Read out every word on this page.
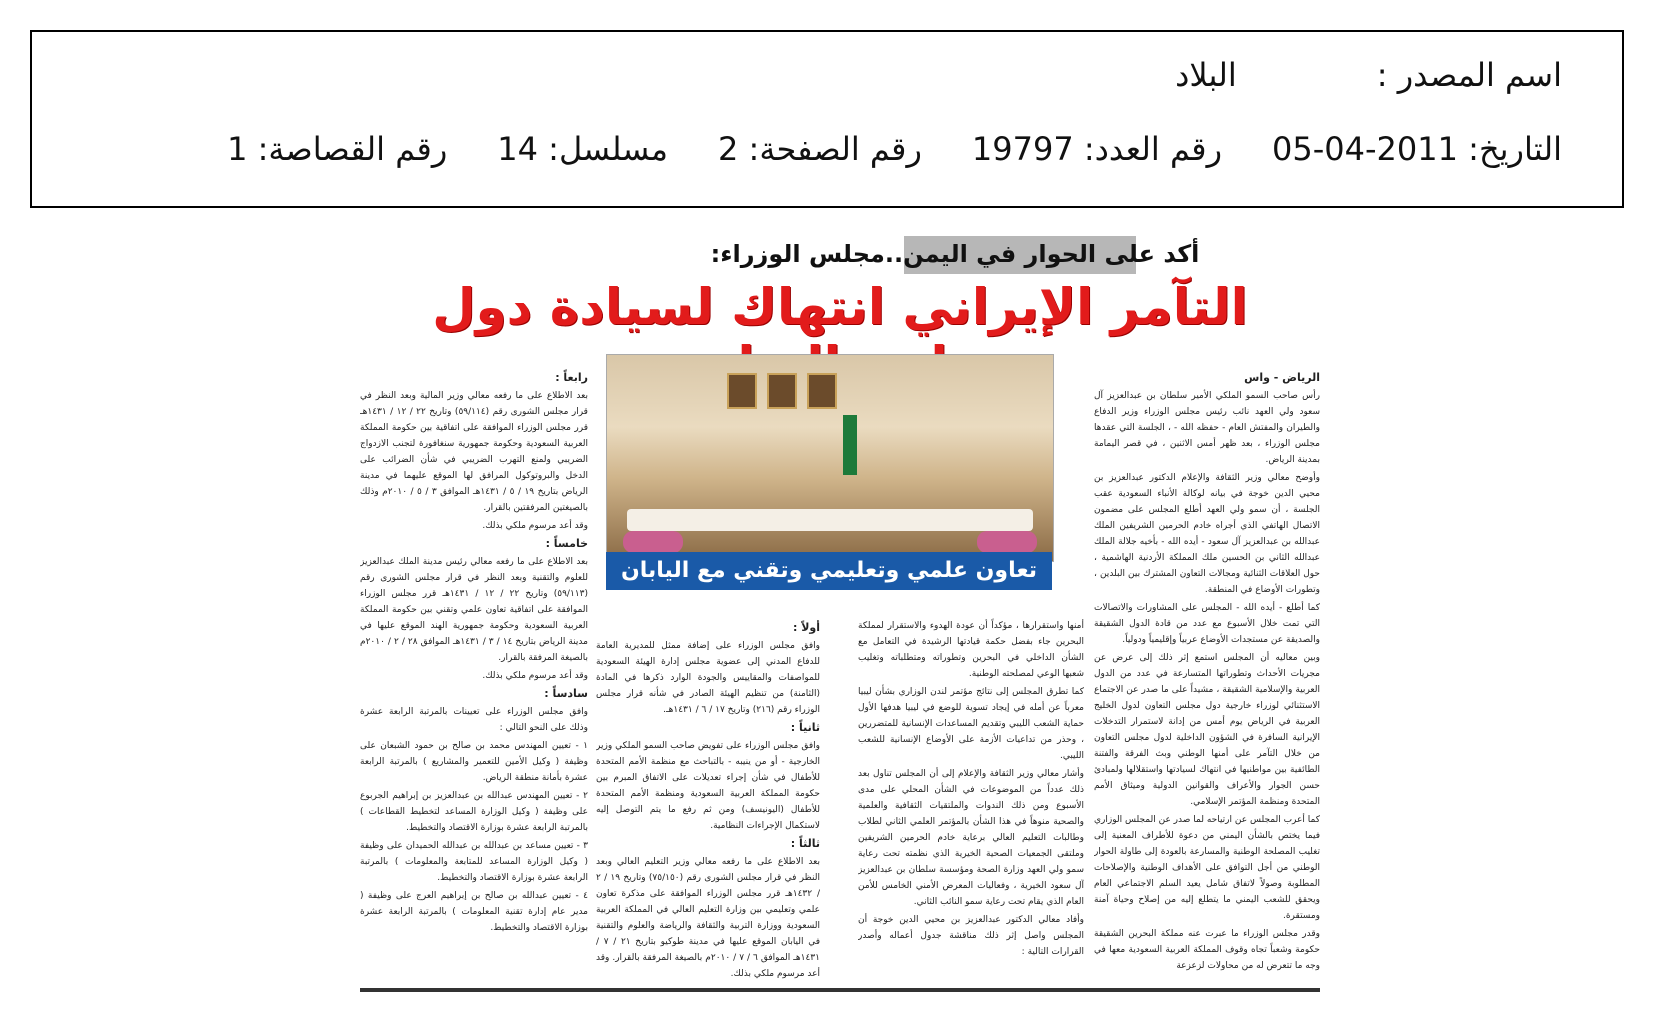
اسم المصدر :البلاد
التاريخ: 2011-04-05رقم العدد: 19797رقم الصفحة: 2مسلسل: 14رقم القصاصة: 1
أكد على الحوار في اليمن..مجلس الوزراء:
التآمر الإيراني انتهاك لسيادة دول

الرياض - واس

رأس صاحب السمو الملكي الأمير سلطان بن عبدالعزيز آل سعود ولي العهد نائب رئيس مجلس الوزراء وزير الدفاع والطيران والمفتش العام - حفظه الله - ، الجلسة التي عقدها مجلس الوزراء ، بعد ظهر أمس الاثنين ، في قصر اليمامة بمدينة الرياض.

وأوضح معالي وزير الثقافة والإعلام الدكتور عبدالعزيز بن محيي الدين خوجة في بيانه لوكالة الأنباء السعودية عقب الجلسة ، أن سمو ولي العهد أطلع المجلس على مضمون الاتصال الهاتفي الذي أجراه خادم الحرمين الشريفين الملك عبدالله بن عبدالعزيز آل سعود - أيده الله - بأخيه جلالة الملك عبدالله الثاني بن الحسين ملك المملكة الأردنية الهاشمية ، حول العلاقات الثنائية ومجالات التعاون المشترك بين البلدين ، وتطورات الأوضاع في المنطقة.

كما أطلع - أيده الله - المجلس على المشاورات والاتصالات التي تمت خلال الأسبوع مع عدد من قادة الدول الشقيقة والصديقة عن مستجدات الأوضاع عربياً وإقليمياً ودولياً.

وبين معاليه أن المجلس استمع إثر ذلك إلى عرض عن مجريات الأحداث وتطوراتها المتسارعة في عدد من الدول العربية والإسلامية الشقيقة ، مشيداً على ما صدر عن الاجتماع الاستثنائي لوزراء خارجية دول مجلس التعاون لدول الخليج العربية في الرياض يوم أمس من إدانة لاستمرار التدخلات الإيرانية السافرة في الشؤون الداخلية لدول مجلس التعاون من خلال التآمر على أمنها الوطني وبث الفرقة والفتنة الطائفية بين مواطنيها في انتهاك لسيادتها واستقلالها ولمبادئ حسن الجوار والأعراف والقوانين الدولية وميثاق الأمم المتحدة ومنظمة المؤتمر الإسلامي.

كما أعرب المجلس عن ارتياحه لما صدر عن المجلس الوزاري فيما يختص بالشأن اليمني من دعوة للأطراف المعنية إلى تغليب المصلحة الوطنية والمسارعة بالعودة إلى طاولة الحوار الوطني من أجل التوافق على الأهداف الوطنية والإصلاحات المطلوبة وصولاً لاتفاق شامل يعيد السلم الاجتماعي العام ويحقق للشعب اليمني ما يتطلع إليه من إصلاح وحياة آمنة ومستقرة.

وقدر مجلس الوزراء ما عبرت عنه مملكة البحرين الشقيقة حكومة وشعباً تجاه وقوف المملكة العربية السعودية معها في وجه ما تتعرض له من محاولات لزعزعة

تعاون علمي وتعليمي وتقني مع اليابان والهند

أمنها واستقرارها ، مؤكداً أن عودة الهدوء والاستقرار لمملكة البحرين جاء بفضل حكمة قيادتها الرشيدة في التعامل مع الشأن الداخلي في البحرين وتطوراته ومتطلباته وتغليب شعبها الوعي لمصلحته الوطنية.

كما تطرق المجلس إلى نتائج مؤتمر لندن الوزاري بشأن ليبيا معرباً عن أمله في إيجاد تسوية للوضع في ليبيا هدفها الأول حماية الشعب الليبي وتقديم المساعدات الإنسانية للمتضررين ، وحذر من تداعيات الأزمة على الأوضاع الإنسانية للشعب الليبي.

وأشار معالي وزير الثقافة والإعلام إلى أن المجلس تناول بعد ذلك عدداً من الموضوعات في الشأن المحلي على مدى الأسبوع ومن ذلك الندوات والملتقيات الثقافية والعلمية والصحية منوهاً في هذا الشأن بالمؤتمر العلمي الثاني لطلاب وطالبات التعليم العالي برعاية خادم الحرمين الشريفين وملتقى الجمعيات الصحية الخيرية الذي نظمته تحت رعاية سمو ولي العهد وزارة الصحة ومؤسسة سلطان بن عبدالعزيز آل سعود الخيرية ، وفعاليات المعرض الأمني الخامس للأمن العام الذي يقام تحت رعاية سمو النائب الثاني.

وأفاد معالي الدكتور عبدالعزيز بن محيي الدين خوجة أن المجلس واصل إثر ذلك مناقشة جدول أعماله وأصدر القرارات التالية :

أولاً :

وافق مجلس الوزراء على إضافة ممثل للمديرية العامة للدفاع المدني إلى عضوية مجلس إدارة الهيئة السعودية للمواصفات والمقاييس والجودة الوارد ذكرها في المادة (الثامنة) من تنظيم الهيئة الصادر في شأنه قرار مجلس الوزراء رقم (٢١٦) وتاريخ ١٧ / ٦ / ١٤٣١هـ.

ثانياً :

وافق مجلس الوزراء على تفويض صاحب السمو الملكي وزير الخارجية - أو من ينيبه - بالتباحث مع منظمة الأمم المتحدة للأطفال في شأن إجراء تعديلات على الاتفاق المبرم بين حكومة المملكة العربية السعودية ومنظمة الأمم المتحدة للأطفال (اليونيسف) ومن ثم رفع ما يتم التوصل إليه لاستكمال الإجراءات النظامية.

ثالثاً :

بعد الاطلاع على ما رفعه معالي وزير التعليم العالي وبعد النظر في قرار مجلس الشورى رقم (٧٥/١٥٠) وتاريخ ١٩ / ٢ / ١٤٣٢هـ قرر مجلس الوزراء الموافقة على مذكرة تعاون علمي وتعليمي بين وزارة التعليم العالي في المملكة العربية السعودية ووزارة التربية والثقافة والرياضة والعلوم والتقنية في اليابان الموقع عليها في مدينة طوكيو بتاريخ ٢١ / ٧ / ١٤٣١هـ الموافق ٦ / ٧ / ٢٠١٠م بالصيغة المرفقة بالقرار. وقد أعد مرسوم ملكي بذلك.

رابعاً :

بعد الاطلاع على ما رفعه معالي وزير المالية وبعد النظر في قرار مجلس الشورى رقم (٥٩/١١٤) وتاريخ ٢٢ / ١٢ / ١٤٣١هـ قرر مجلس الوزراء الموافقة على اتفاقية بين حكومة المملكة العربية السعودية وحكومة جمهورية سنغافورة لتجنب الازدواج الضريبي ولمنع التهرب الضريبي في شأن الضرائب على الدخل والبروتوكول المرافق لها الموقع عليهما في مدينة الرياض بتاريخ ١٩ / ٥ / ١٤٣١هـ الموافق ٣ / ٥ / ٢٠١٠م وذلك بالصيغتين المرفقتين بالقرار.

وقد أعد مرسوم ملكي بذلك.

خامساً :

بعد الاطلاع على ما رفعه معالي رئيس مدينة الملك عبدالعزيز للعلوم والتقنية وبعد النظر في قرار مجلس الشورى رقم (٥٩/١١٣) وتاريخ ٢٢ / ١٢ / ١٤٣١هـ قرر مجلس الوزراء الموافقة على اتفاقية تعاون علمي وتقني بين حكومة المملكة العربية السعودية وحكومة جمهورية الهند الموقع عليها في مدينة الرياض بتاريخ ١٤ / ٣ / ١٤٣١هـ الموافق ٢٨ / ٢ / ٢٠١٠م بالصيغة المرفقة بالقرار.

وقد أعد مرسوم ملكي بذلك.

سادساً :

وافق مجلس الوزراء على تعيينات بالمرتبة الرابعة عشرة وذلك على النحو التالي :

١ - تعيين المهندس محمد بن صالح بن حمود الشبعان على وظيفة ( وكيل الأمين للتعمير والمشاريع ) بالمرتبة الرابعة عشرة بأمانة منطقة الرياض.

٢ - تعيين المهندس عبدالله بن عبدالعزيز بن إبراهيم الجربوع على وظيفة ( وكيل الوزارة المساعد لتخطيط القطاعات ) بالمرتبة الرابعة عشرة بوزارة الاقتصاد والتخطيط.

٣ - تعيين مساعد بن عبدالله بن عبدالله الحميدان على وظيفة ( وكيل الوزارة المساعد للمتابعة والمعلومات ) بالمرتبة الرابعة عشرة بوزارة الاقتصاد والتخطيط.

٤ - تعيين عبدالله بن صالح بن إبراهيم العرج على وظيفة ( مدير عام إدارة تقنية المعلومات ) بالمرتبة الرابعة عشرة بوزارة الاقتصاد والتخطيط.
